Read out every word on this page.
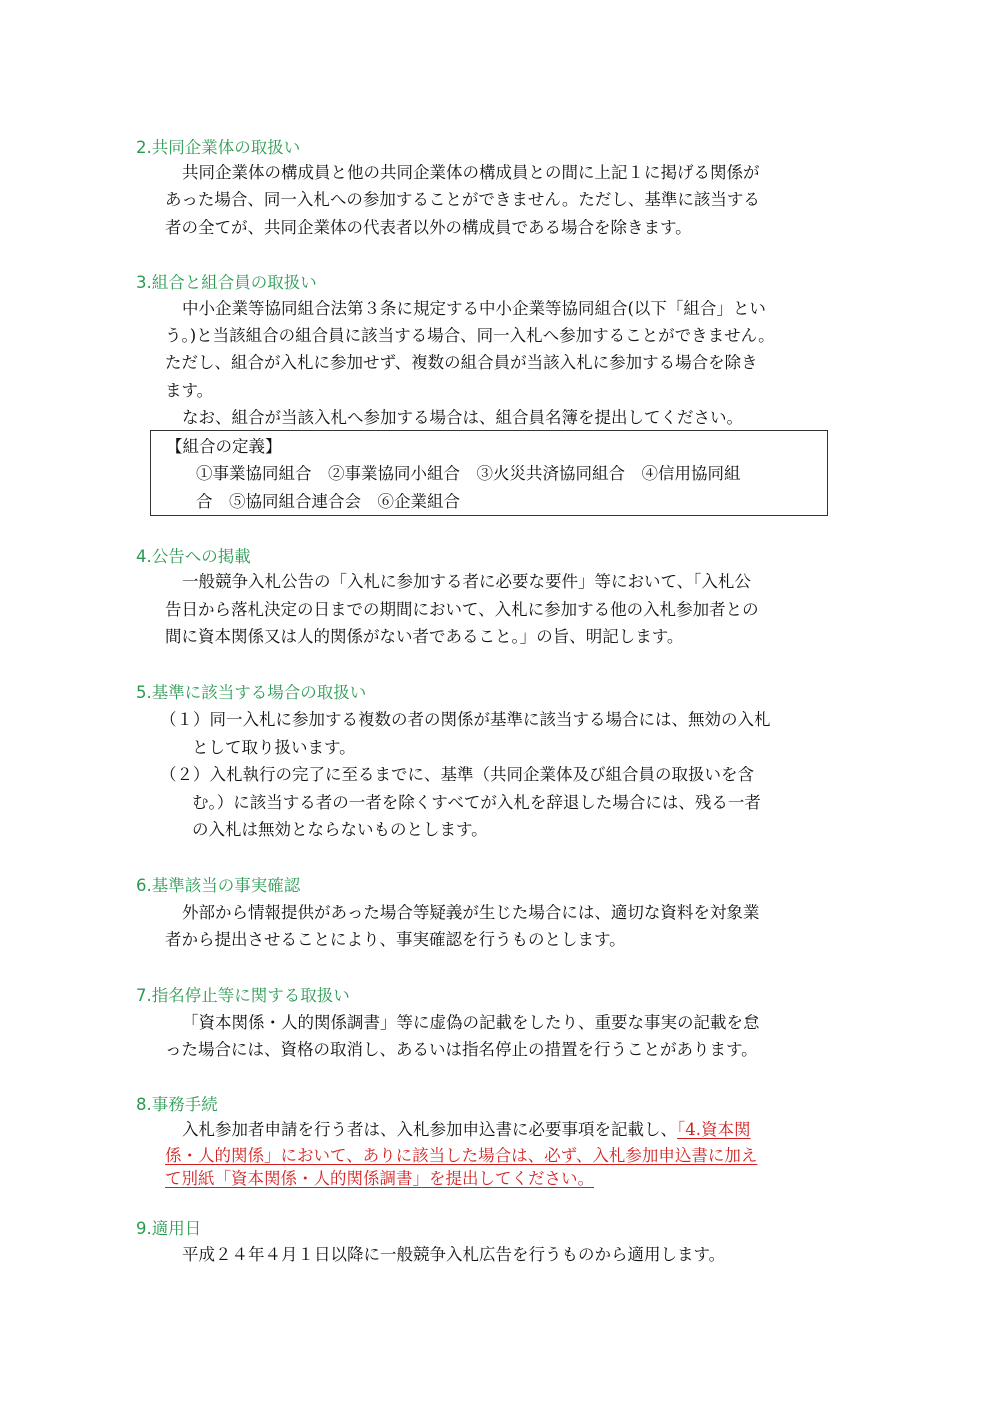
2.共同企業体の取扱い
共同企業体の構成員と他の共同企業体の構成員との間に上記１に掲げる関係が
あった場合、同一入札への参加することができません。ただし、基準に該当する
者の全てが、共同企業体の代表者以外の構成員である場合を除きます。
3.組合と組合員の取扱い
中小企業等協同組合法第３条に規定する中小企業等協同組合(以下「組合」とい
う。)と当該組合の組合員に該当する場合、同一入札へ参加することができません。
ただし、組合が入札に参加せず、複数の組合員が当該入札に参加する場合を除き
ます。
なお、組合が当該入札へ参加する場合は、組合員名簿を提出してください。
【組合の定義】
①事業協同組合　②事業協同小組合　③火災共済協同組合　④信用協同組
合　⑤協同組合連合会　⑥企業組合
4.公告への掲載
一般競争入札公告の「入札に参加する者に必要な要件」等において、「入札公
告日から落札決定の日までの期間において、入札に参加する他の入札参加者との
間に資本関係又は人的関係がない者であること。」の旨、明記します。
5.基準に該当する場合の取扱い
（１）同一入札に参加する複数の者の関係が基準に該当する場合には、無効の入札
として取り扱います。
（２）入札執行の完了に至るまでに、基準（共同企業体及び組合員の取扱いを含
む。）に該当する者の一者を除くすべてが入札を辞退した場合には、残る一者
の入札は無効とならないものとします。
6.基準該当の事実確認
外部から情報提供があった場合等疑義が生じた場合には、適切な資料を対象業
者から提出させることにより、事実確認を行うものとします。
7.指名停止等に関する取扱い
「資本関係・人的関係調書」等に虚偽の記載をしたり、重要な事実の記載を怠
った場合には、資格の取消し、あるいは指名停止の措置を行うことがあります。
8.事務手続
入札参加者申請を行う者は、入札参加申込書に必要事項を記載し、「4.資本関
係・人的関係」において、ありに該当した場合は、必ず、入札参加申込書に加え
て別紙「資本関係・人的関係調書」を提出してください。
9.適用日
平成２４年４月１日以降に一般競争入札広告を行うものから適用します。
